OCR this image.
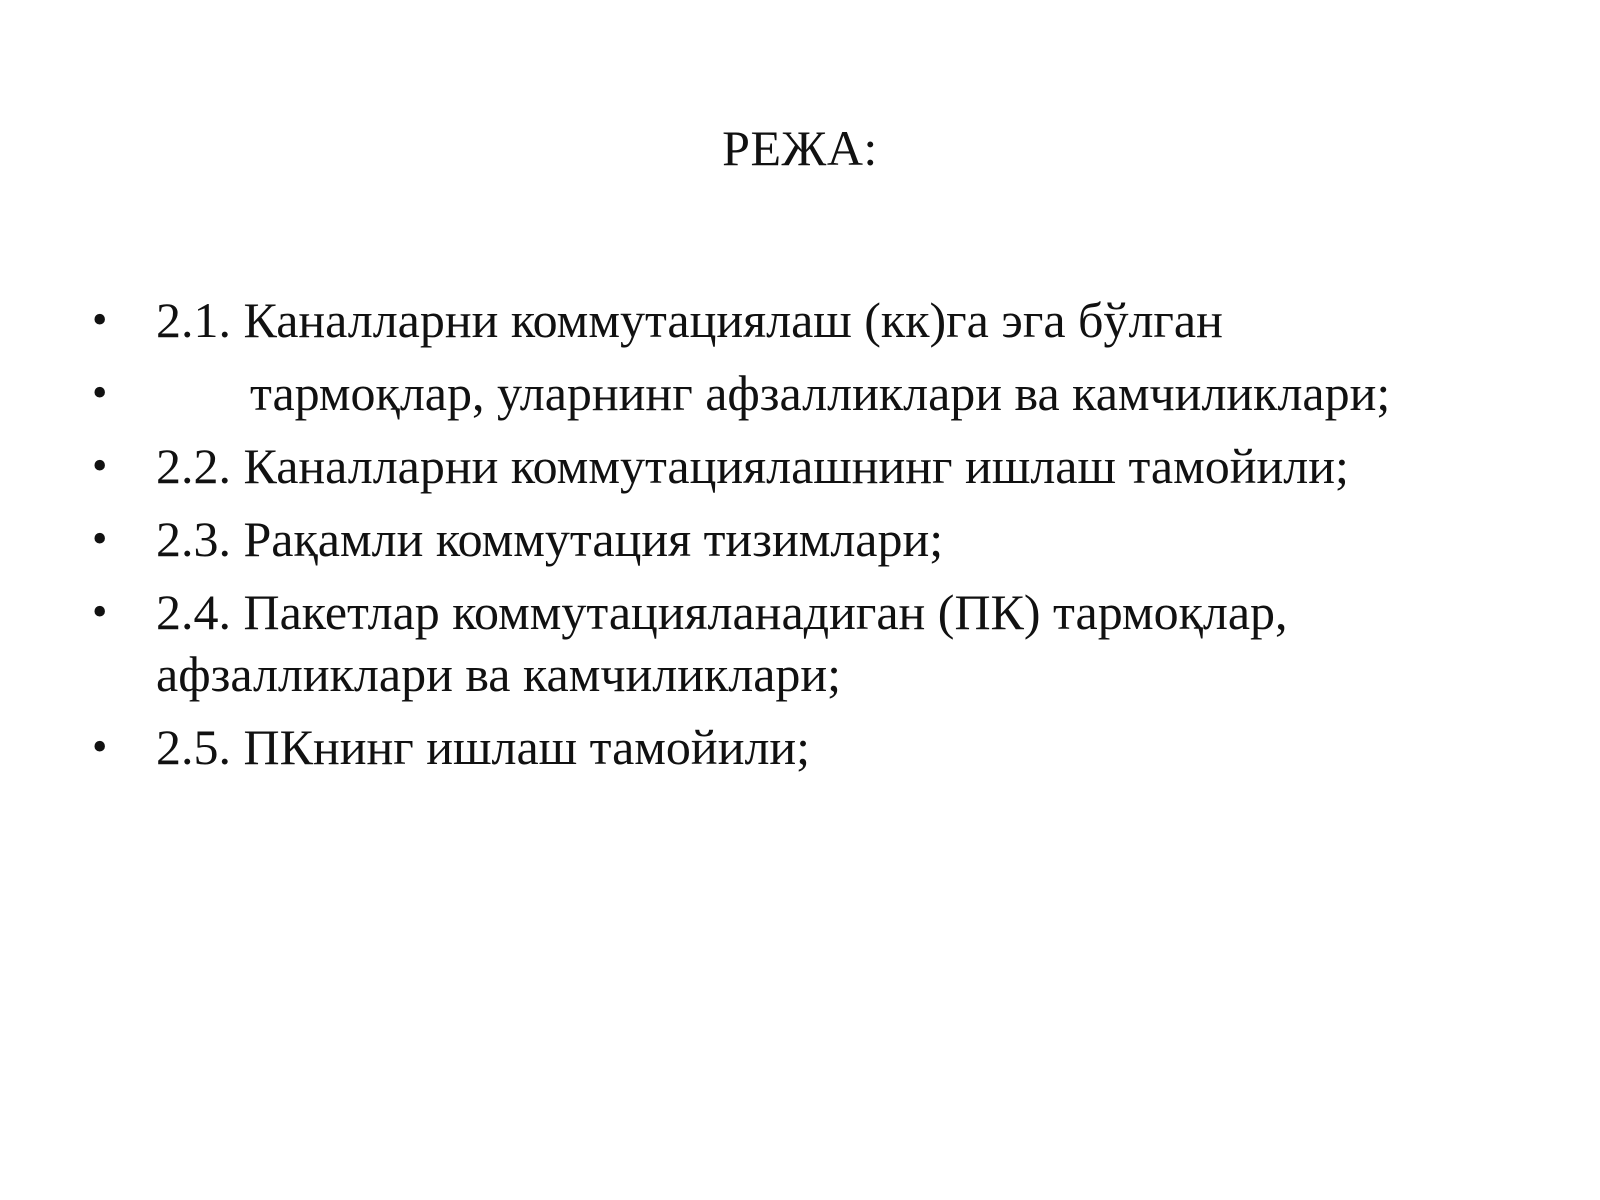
РЕЖА:
• 2.1. Каналларни коммутациялаш (кк)га эга бўлган
•	тармоқлар, уларнинг афзалликлари ва камчиликлари;
• 2.2. Каналларни коммутациялашнинг ишлаш тамойили;
• 2.3. Рақамли коммутация тизимлари;
• 2.4. Пакетлар коммутацияланадиган (ПК) тармоқлар, афзалликлари ва камчиликлари;
• 2.5. ПКнинг ишлаш тамойили;
